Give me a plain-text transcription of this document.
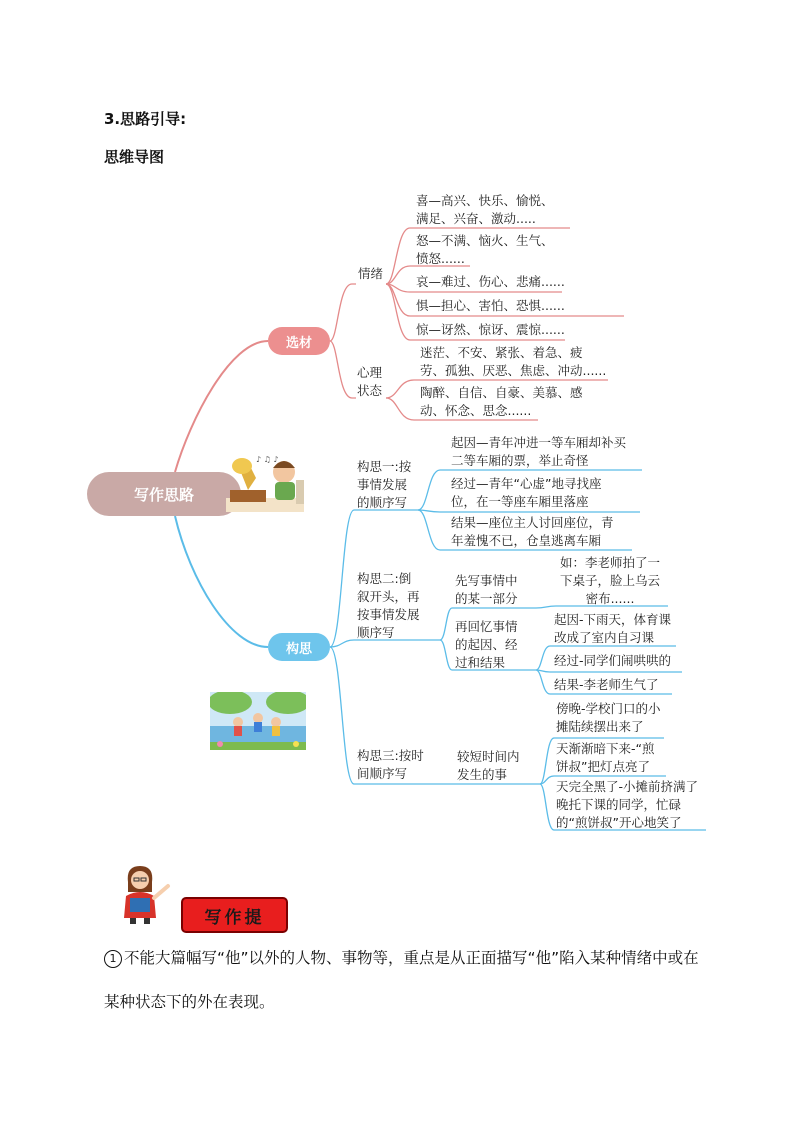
3.思路引导:
思维导图
写作思路
选材
构思
♪ ♫ ♪
情绪
喜—高兴、快乐、愉悦、
满足、兴奋、激动.....
怒—不满、恼火、生气、
愤怒......
哀—难过、伤心、悲痛......
惧—担心、害怕、恐惧......
惊—讶然、惊讶、震惊......
心理
状态
迷茫、不安、紧张、着急、疲
劳、孤独、厌恶、焦虑、冲动......
陶醉、自信、自豪、美慕、感
动、怀念、思念......
构思一:按
事情发展
的顺序写
起因—青年冲进一等车厢却补买
二等车厢的票，举止奇怪
经过—青年“心虚”地寻找座
位，在一等座车厢里落座
结果—座位主人讨回座位，青
年羞愧不已，仓皇逃离车厢
构思二:倒
叙开头，再
按事情发展
顺序写
先写事情中
的某一部分
如：李老师拍了一
下桌子，脸上乌云
密布......
再回忆事情
的起因、经
过和结果
起因-下雨天，体育课
改成了室内自习课
经过-同学们闹哄哄的
结果-李老师生气了
构思三:按时
间顺序写
较短时间内
发生的事
傍晚-学校门口的小
摊陆续摆出来了
天渐渐暗下来-“煎
饼叔”把灯点亮了
天完全黑了-小摊前挤满了
晚托下课的同学，忙碌
的“煎饼叔”开心地笑了
写作提
1 不能大篇幅写“他”以外的人物、事物等，重点是从正面描写“他”陷入某种情绪中或在
某种状态下的外在表现。
